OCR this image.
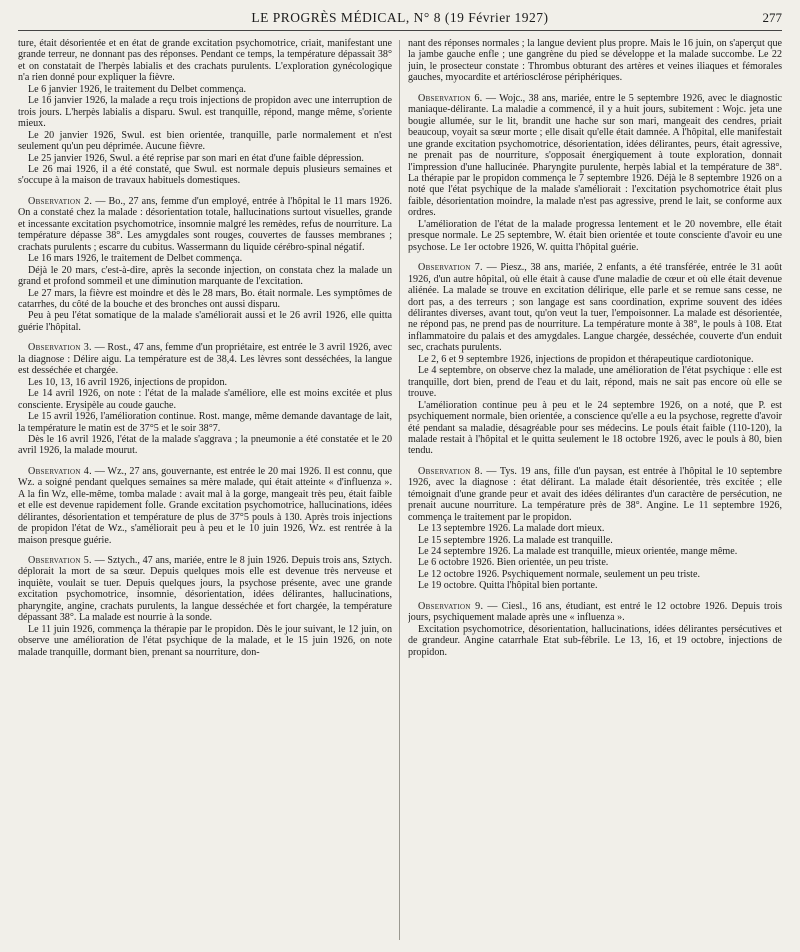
LE PROGRÈS MÉDICAL, N° 8 (19 Février 1927)	277

ture, était désorientée et en état de grande excitation psychomotrice, criait, manifestant une grande terreur, ne donnant pas des réponses. Pendant ce temps, la température dépassait 38° et on constatait de l'herpès labialis et des crachats purulents. L'exploration gynécologique n'a rien donné pour expliquer la fièvre.

Le 6 janvier 1926, le traitement du Delbet commença.

Le 16 janvier 1926, la malade a reçu trois injections de propidon avec une interruption de trois jours. L'herpès labialis a disparu. Swul. est tranquille, répond, mange même, s'oriente mieux.

Le 20 janvier 1926, Swul. est bien orientée, tranquille, parle normalement et n'est seulement qu'un peu déprimée. Aucune fièvre.

Le 25 janvier 1926, Swul. a été reprise par son mari en état d'une faible dépression.

Le 26 mai 1926, il a été constaté, que Swul. est normale depuis plusieurs semaines et s'occupe à la maison de travaux habituels domestiques.

Observation 2. — Bo., 27 ans, femme d'un employé, entrée à l'hôpital le 11 mars 1926. On a constaté chez la malade : désorientation totale, hallucinations surtout visuelles, grande et incessante excitation psychomotrice, insomnie malgré les remèdes, refus de nourriture. La température dépasse 38°. Les amygdales sont rouges, couvertes de fausses membranes ; crachats purulents ; escarre du cubitus. Wassermann du liquide cérébro-spinal négatif.

Le 16 mars 1926, le traitement de Delbet commença.

Déjà le 20 mars, c'est-à-dire, après la seconde injection, on constata chez la malade un grand et profond sommeil et une diminution marquante de l'excitation.

Le 27 mars, la fièvre est moindre et dès le 28 mars, Bo. était normale. Les symptômes de catarrhes, du côté de la bouche et des bronches ont aussi disparu.

Peu à peu l'état somatique de la malade s'améliorait aussi et le 26 avril 1926, elle quitta guérie l'hôpital.

Observation 3. — Rost., 47 ans, femme d'un propriétaire, est entrée le 3 avril 1926, avec la diagnose : Délire aigu. La température est de 38,4. Les lèvres sont desséchées, la langue est desséchée et chargée.

Les 10, 13, 16 avril 1926, injections de propidon.

Le 14 avril 1926, on note : l'état de la malade s'améliore, elle est moins excitée et plus consciente. Erysipèle au coude gauche.

Le 15 avril 1926, l'amélioration continue. Rost. mange, même demande davantage de lait, la température le matin est de 37°5 et le soir 38°7.

Dès le 16 avril 1926, l'état de la malade s'aggrava ; la pneumonie a été constatée et le 20 avril 1926, la malade mourut.

Observation 4. — Wz., 27 ans, gouvernante, est entrée le 20 mai 1926. Il est connu, que Wz. a soigné pendant quelques semaines sa mère malade, qui était atteinte « d'influenza ». A la fin Wz, elle-même, tomba malade : avait mal à la gorge, mangeait très peu, était faible et elle est devenue rapidement folle. Grande excitation psychomotrice, hallucinations, idées délirantes, désorientation et température de plus de 37°5 pouls à 130. Après trois injections de propidon l'état de Wz., s'améliorait peu à peu et le 10 juin 1926, Wz. est rentrée à la maison presque guérie.

Observation 5. — Sztych., 47 ans, mariée, entre le 8 juin 1926. Depuis trois ans, Sztych. déplorait la mort de sa sœur. Depuis quelques mois elle est devenue très nerveuse et inquiète, voulait se tuer. Depuis quelques jours, la psychose présente, avec une grande excitation psychomotrice, insomnie, désorientation, idées délirantes, hallucinations, pharyngite, angine, crachats purulents, la langue desséchée et fort chargée, la température dépassant 38°. La malade est nourrie à la sonde.

Le 11 juin 1926, commença la thérapie par le propidon. Dès le jour suivant, le 12 juin, on observe une amélioration de l'état psychique de la malade, et le 15 juin 1926, on note malade tranquille, dormant bien, prenant sa nourriture, don-

nant des réponses normales ; la langue devient plus propre. Mais le 16 juin, on s'aperçut que la jambe gauche enfle ; une gangrène du pied se développe et la malade succombe. Le 22 juin, le prosecteur constate : Thrombus obturant des artères et veines iliaques et fémorales gauches, myocardite et artériosclérose périphériques.

Observation 6. — Wojc., 38 ans, mariée, entre le 5 septembre 1926, avec le diagnostic maniaque-délirante. La maladie a commencé, il y a huit jours, subitement : Wojc. jeta une bougie allumée, sur le lit, brandit une hache sur son mari, mangeait des cendres, priait beaucoup, voyait sa sœur morte ; elle disait qu'elle était damnée. A l'hôpital, elle manifestait une grande excitation psychomotrice, désorientation, idées délirantes, peurs, était agressive, ne prenait pas de nourriture, s'opposait énergiquement à toute exploration, donnait l'impression d'une hallucinée. Pharyngite purulente, herpès labial et la température de 38°. La thérapie par le propidon commença le 7 septembre 1926. Déjà le 8 septembre 1926 on a noté que l'état psychique de la malade s'améliorait : l'excitation psychomotrice était plus faible, désorientation moindre, la malade n'est pas agressive, prend le lait, se conforme aux ordres.

L'amélioration de l'état de la malade progressa lentement et le 20 novembre, elle était presque normale. Le 25 septembre, W. était bien orientée et toute consciente d'avoir eu une psychose. Le 1er octobre 1926, W. quitta l'hôpital guérie.

Observation 7. — Piesz., 38 ans, mariée, 2 enfants, a été transférée, entrée le 31 août 1926, d'un autre hôpital, où elle était à cause d'une maladie de cœur et où elle était devenue aliénée. La malade se trouve en excitation délirique, elle parle et se remue sans cesse, ne dort pas, a des terreurs ; son langage est sans coordination, exprime souvent des idées délirantes diverses, avant tout, qu'on veut la tuer, l'empoisonner. La malade est désorientée, ne répond pas, ne prend pas de nourriture. La température monte à 38°, le pouls à 108. Etat inflammatoire du palais et des amygdales. Langue chargée, desséchée, couverte d'un enduit sec, crachats purulents.

Le 2, 6 et 9 septembre 1926, injections de propidon et thérapeutique cardiotonique.

Le 4 septembre, on observe chez la malade, une amélioration de l'état psychique : elle est tranquille, dort bien, prend de l'eau et du lait, répond, mais ne sait pas encore où elle se trouve.

L'amélioration continue peu à peu et le 24 septembre 1926, on a noté, que P. est psychiquement normale, bien orientée, a conscience qu'elle a eu la psychose, regrette d'avoir été pendant sa maladie, désagréable pour ses médecins. Le pouls était faible (110-120), la malade restait à l'hôpital et le quitta seulement le 18 octobre 1926, avec le pouls à 80, bien tendu.

Observation 8. — Tys. 19 ans, fille d'un paysan, est entrée à l'hôpital le 10 septembre 1926, avec la diagnose : état délirant. La malade était désorientée, très excitée ; elle témoignait d'une grande peur et avait des idées délirantes d'un caractère de persécution, ne prenait aucune nourriture. La température près de 38°. Angine. Le 11 septembre 1926, commença le traitement par le propidon.

Le 13 septembre 1926. La malade dort mieux.

Le 15 septembre 1926. La malade est tranquille.

Le 24 septembre 1926. La malade est tranquille, mieux orientée, mange même.

Le 6 octobre 1926. Bien orientée, un peu triste.

Le 12 octobre 1926. Psychiquement normale, seulement un peu triste.

Le 19 octobre. Quitta l'hôpital bien portante.

Observation 9. — Ciesl., 16 ans, étudiant, est entré le 12 octobre 1926. Depuis trois jours, psychiquement malade après une « influenza ».

Excitation psychomotrice, désorientation, hallucinations, idées délirantes persécutives et de grandeur. Angine catarrhale Etat sub-fébrile. Le 13, 16, et 19 octobre, injections de propidon.
